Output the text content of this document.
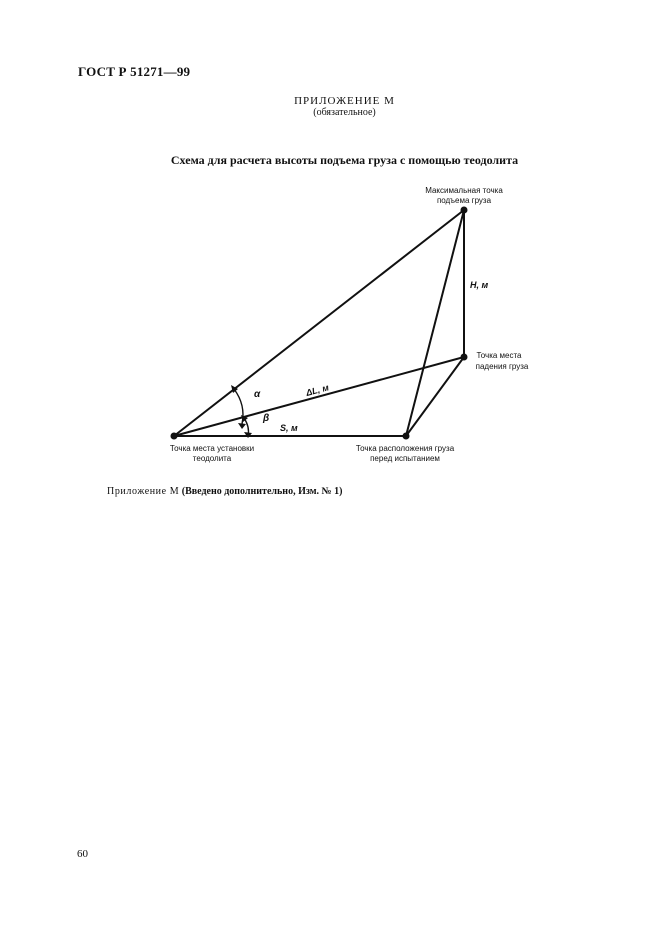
ГОСТ Р 51271—99
ПРИЛОЖЕНИЕ М
(обязательное)
Схема для расчета высоты подъема груза с помощью теодолита
α
β
ΔL, м
S, м
H, м
Максимальная точка
подъема груза
Точка места
падения груза
Точка места установки
теодолита
Точка расположения груза
перед испытанием
Приложение М (Введено дополнительно, Изм. № 1)
60
